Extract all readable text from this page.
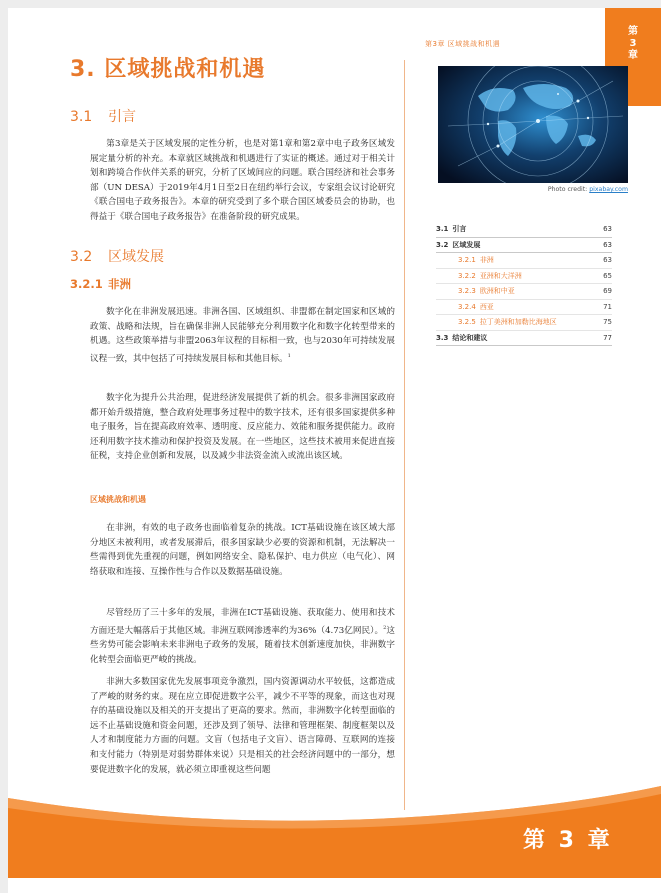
第3章 区域挑战和机遇
第
3
章
3. 区域挑战和机遇
3.1 引言
第3章是关于区域发展的定性分析，也是对第1章和第2章中电子政务区域发展定量分析的补充。本章就区域挑战和机遇进行了实证的概述。通过对于相关计划和跨境合作伙伴关系的研究，分析了区域间应的问题。联合国经济和社会事务部（UN DESA）于2019年4月1日至2日在纽约举行会议，专家组会议讨论研究《联合国电子政务报告》。本章的研究受到了多个联合国区域委员会的协助，也得益于《联合国电子政务报告》在准备阶段的研究成果。
3.2 区域发展
3.2.1 非洲
数字化在非洲发展迅速。非洲各国、区域组织、非盟都在制定国家和区域的政策、战略和法规，旨在确保非洲人民能够充分利用数字化和数字化转型带来的机遇。这些政策举措与非盟2063年议程的目标相一致，也与2030年可持续发展议程一致，其中包括了可持续发展目标和其他目标。$^1$
数字化为提升公共治理，促进经济发展提供了新的机会。很多非洲国家政府都开始升级措施，整合政府处理事务过程中的数字技术，还有很多国家提供多种电子服务，旨在提高政府效率、透明度、反应能力、效能和服务提供能力。政府还利用数字技术推动和保护投资及发展。在一些地区，这些技术被用来促进直接征税，支持企业创新和发展，以及减少非法资金流入或流出该区域。
区域挑战和机遇
在非洲，有效的电子政务也面临着复杂的挑战。ICT基础设施在该区域大部分地区未被利用，或者发展滞后，很多国家缺少必要的资源和机制，无法解决一些需得到优先重视的问题，例如网络安全、隐私保护、电力供应（电气化）、网络获取和连接、互操作性与合作以及数据基础设施。
尽管经历了三十多年的发展，非洲在ICT基础设施、获取能力、使用和技术方面还是大幅落后于其他区域。非洲互联网渗透率约为36%（4.73亿网民）。$^2$这些劣势可能会影响未来非洲电子政务的发展，随着技术创新速度加快，非洲数字化转型会面临更严峻的挑战。
非洲大多数国家优先发展事项竞争激烈，国内资源调动水平较低，这都造成了严峻的财务约束。现在应立即促进数字公平，减少不平等的现象，而这也对现存的基础设施以及相关的开支提出了更高的要求。然而，非洲数字化转型面临的远不止基础设施和资金问题，还涉及到了领导、法律和管理框架、制度框架以及人才和制度能力方面的问题。文盲（包括电子文盲）、语言障碍、互联网的连接和支付能力（特别是对弱势群体来说）只是相关的社会经济问题中的一部分，想要促进数字化的发展，就必须立即重视这些问题
Photo credit: pixabay.com
3.1 引言	63
3.2 区域发展	63
3.2.1 非洲	63
3.2.2 亚洲和大洋洲	65
3.2.3 欧洲和中亚	69
3.2.4 西亚	71
3.2.5 拉丁美洲和加勒比海地区	75
3.3 结论和建议	77
第 3 章
